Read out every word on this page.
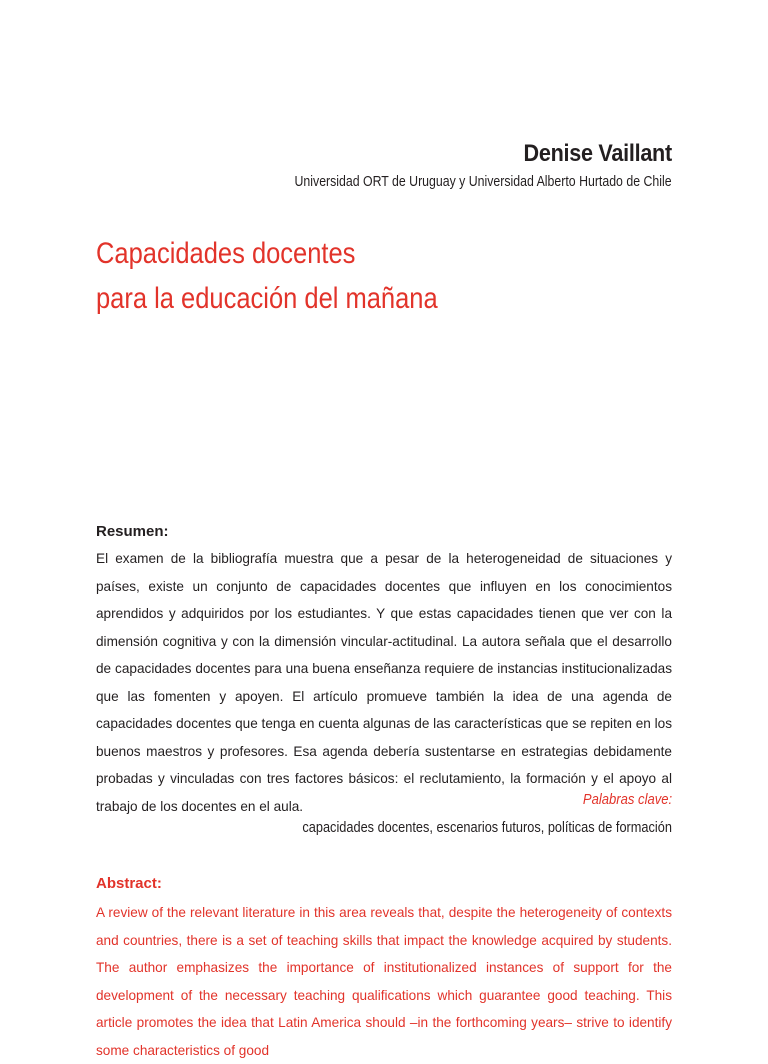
Denise Vaillant
Universidad ORT de Uruguay y Universidad Alberto Hurtado de Chile
Capacidades docentes
para la educación del mañana
Resumen:

El examen de la bibliografía muestra que a pesar de la heterogeneidad de situaciones y países, existe un conjunto de capacidades docentes que influyen en los conocimientos aprendidos y adquiridos por los estudiantes. Y que estas capacidades tienen que ver con la dimensión cognitiva y con la dimensión vincular-actitudinal. La autora señala que el desarrollo de capacidades docentes para una buena enseñanza requiere de instancias institucionalizadas que las fomenten y apoyen. El artículo promueve también la idea de una agenda de capacidades docentes que tenga en cuenta algunas de las características que se repiten en los buenos maestros y profesores. Esa agenda debería sustentarse en estrategias debidamente probadas y vinculadas con tres factores básicos: el reclutamiento, la formación y el apoyo al trabajo de los docentes en el aula.	Palabras clave:
capacidades docentes, escenarios futuros, políticas de formación
Abstract:

A review of the relevant literature in this area reveals that, despite the heterogeneity of contexts and countries, there is a set of teaching skills that impact the knowledge acquired by students. The author emphasizes the importance of institutionalized instances of support for the development of the necessary teaching qualifications which guarantee good teaching. This article promotes the idea that Latin America should –in the forthcoming years– strive to identify some characteristics of good
